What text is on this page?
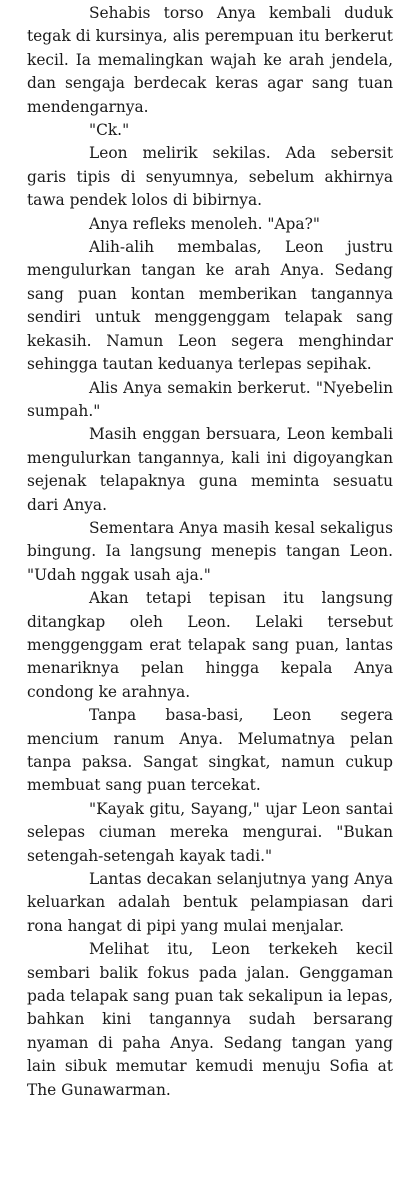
Sehabis torso Anya kembali duduk tegak di kursinya, alis perempuan itu berkerut kecil. Ia memalingkan wajah ke arah jendela, dan sengaja berdecak keras agar sang tuan mendengarnya.

"Ck."

Leon melirik sekilas. Ada sebersit garis tipis di senyumnya, sebelum akhirnya tawa pendek lolos di bibirnya.

Anya refleks menoleh. "Apa?"

Alih-alih membalas, Leon justru mengulurkan tangan ke arah Anya. Sedang sang puan kontan memberikan tangannya sendiri untuk menggenggam telapak sang kekasih. Namun Leon segera menghindar sehingga tautan keduanya terlepas sepihak.

Alis Anya semakin berkerut. "Nyebelin sumpah."

Masih enggan bersuara, Leon kembali mengulurkan tangannya, kali ini digoyangkan sejenak telapaknya guna meminta sesuatu dari Anya.

Sementara Anya masih kesal sekaligus bingung. Ia langsung menepis tangan Leon. "Udah nggak usah aja."

Akan tetapi tepisan itu langsung ditangkap oleh Leon. Lelaki tersebut menggenggam erat telapak sang puan, lantas menariknya pelan hingga kepala Anya condong ke arahnya.

Tanpa basa-basi, Leon segera mencium ranum Anya. Melumatnya pelan tanpa paksa. Sangat singkat, namun cukup membuat sang puan tercekat.

"Kayak gitu, Sayang," ujar Leon santai selepas ciuman mereka mengurai. "Bukan setengah-setengah kayak tadi."

Lantas decakan selanjutnya yang Anya keluarkan adalah bentuk pelampiasan dari rona hangat di pipi yang mulai menjalar.

Melihat itu, Leon terkekeh kecil sembari balik fokus pada jalan. Genggaman pada telapak sang puan tak sekalipun ia lepas, bahkan kini tangannya sudah bersarang nyaman di paha Anya. Sedang tangan yang lain sibuk memutar kemudi menuju Sofia at The Gunawarman.
